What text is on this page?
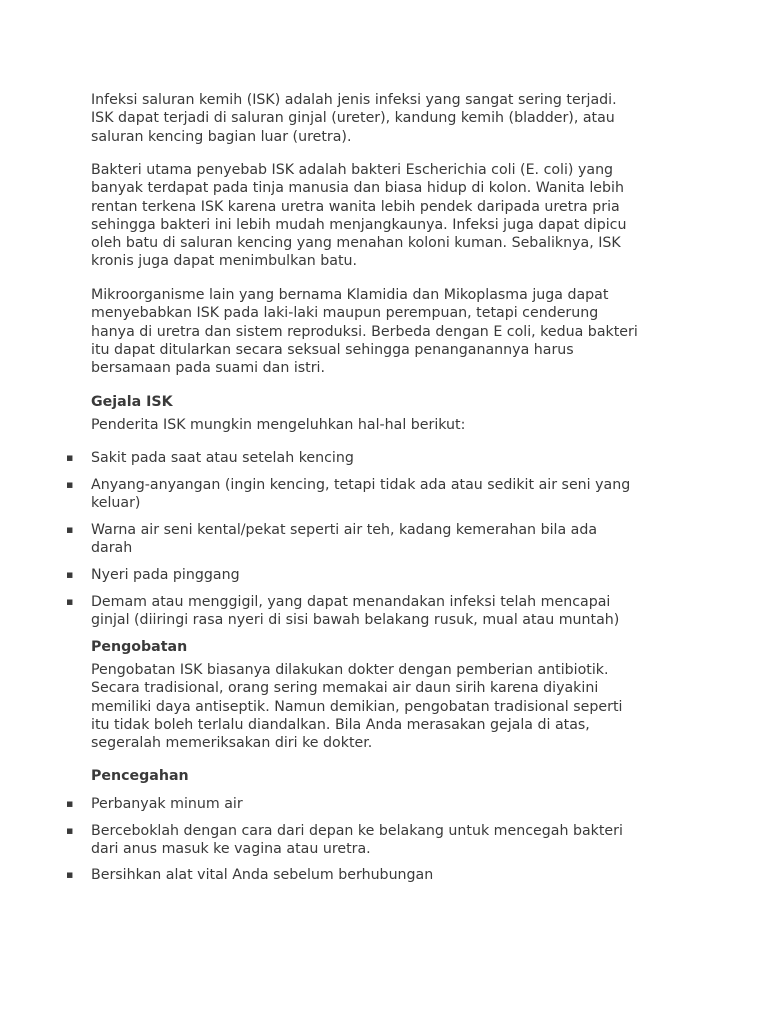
Infeksi saluran kemih (ISK) adalah jenis infeksi yang sangat sering terjadi.
ISK dapat terjadi di saluran ginjal (ureter), kandung kemih (bladder), atau
saluran kencing bagian luar (uretra).

Bakteri utama penyebab ISK adalah bakteri Escherichia coli (E. coli) yang
banyak terdapat pada tinja manusia dan biasa hidup di kolon. Wanita lebih
rentan terkena ISK karena uretra wanita lebih pendek daripada uretra pria
sehingga bakteri ini lebih mudah menjangkaunya. Infeksi juga dapat dipicu
oleh batu di saluran kencing yang menahan koloni kuman. Sebaliknya, ISK
kronis juga dapat menimbulkan batu.

Mikroorganisme lain yang bernama Klamidia dan Mikoplasma juga dapat
menyebabkan ISK pada laki-laki maupun perempuan, tetapi cenderung
hanya di uretra dan sistem reproduksi. Berbeda dengan E coli, kedua bakteri
itu dapat ditularkan secara seksual sehingga penanganannya harus
bersamaan pada suami dan istri.

Gejala ISK

Penderita ISK mungkin mengeluhkan hal-hal berikut:

▪ Sakit pada saat atau setelah kencing
▪ Anyang-anyangan (ingin kencing, tetapi tidak ada atau sedikit air seni yang
keluar)
▪ Warna air seni kental/pekat seperti air teh, kadang kemerahan bila ada
darah
▪ Nyeri pada pinggang
▪ Demam atau menggigil, yang dapat menandakan infeksi telah mencapai
ginjal (diiringi rasa nyeri di sisi bawah belakang rusuk, mual atau muntah)
Pengobatan

Pengobatan ISK biasanya dilakukan dokter dengan pemberian antibiotik.
Secara tradisional, orang sering memakai air daun sirih karena diyakini
memiliki daya antiseptik. Namun demikian, pengobatan tradisional seperti
itu tidak boleh terlalu diandalkan. Bila Anda merasakan gejala di atas,
segeralah memeriksakan diri ke dokter.

Pencegahan
▪ Perbanyak minum air
▪ Berceboklah dengan cara dari depan ke belakang untuk mencegah bakteri
dari anus masuk ke vagina atau uretra.
▪ Bersihkan alat vital Anda sebelum berhubungan
